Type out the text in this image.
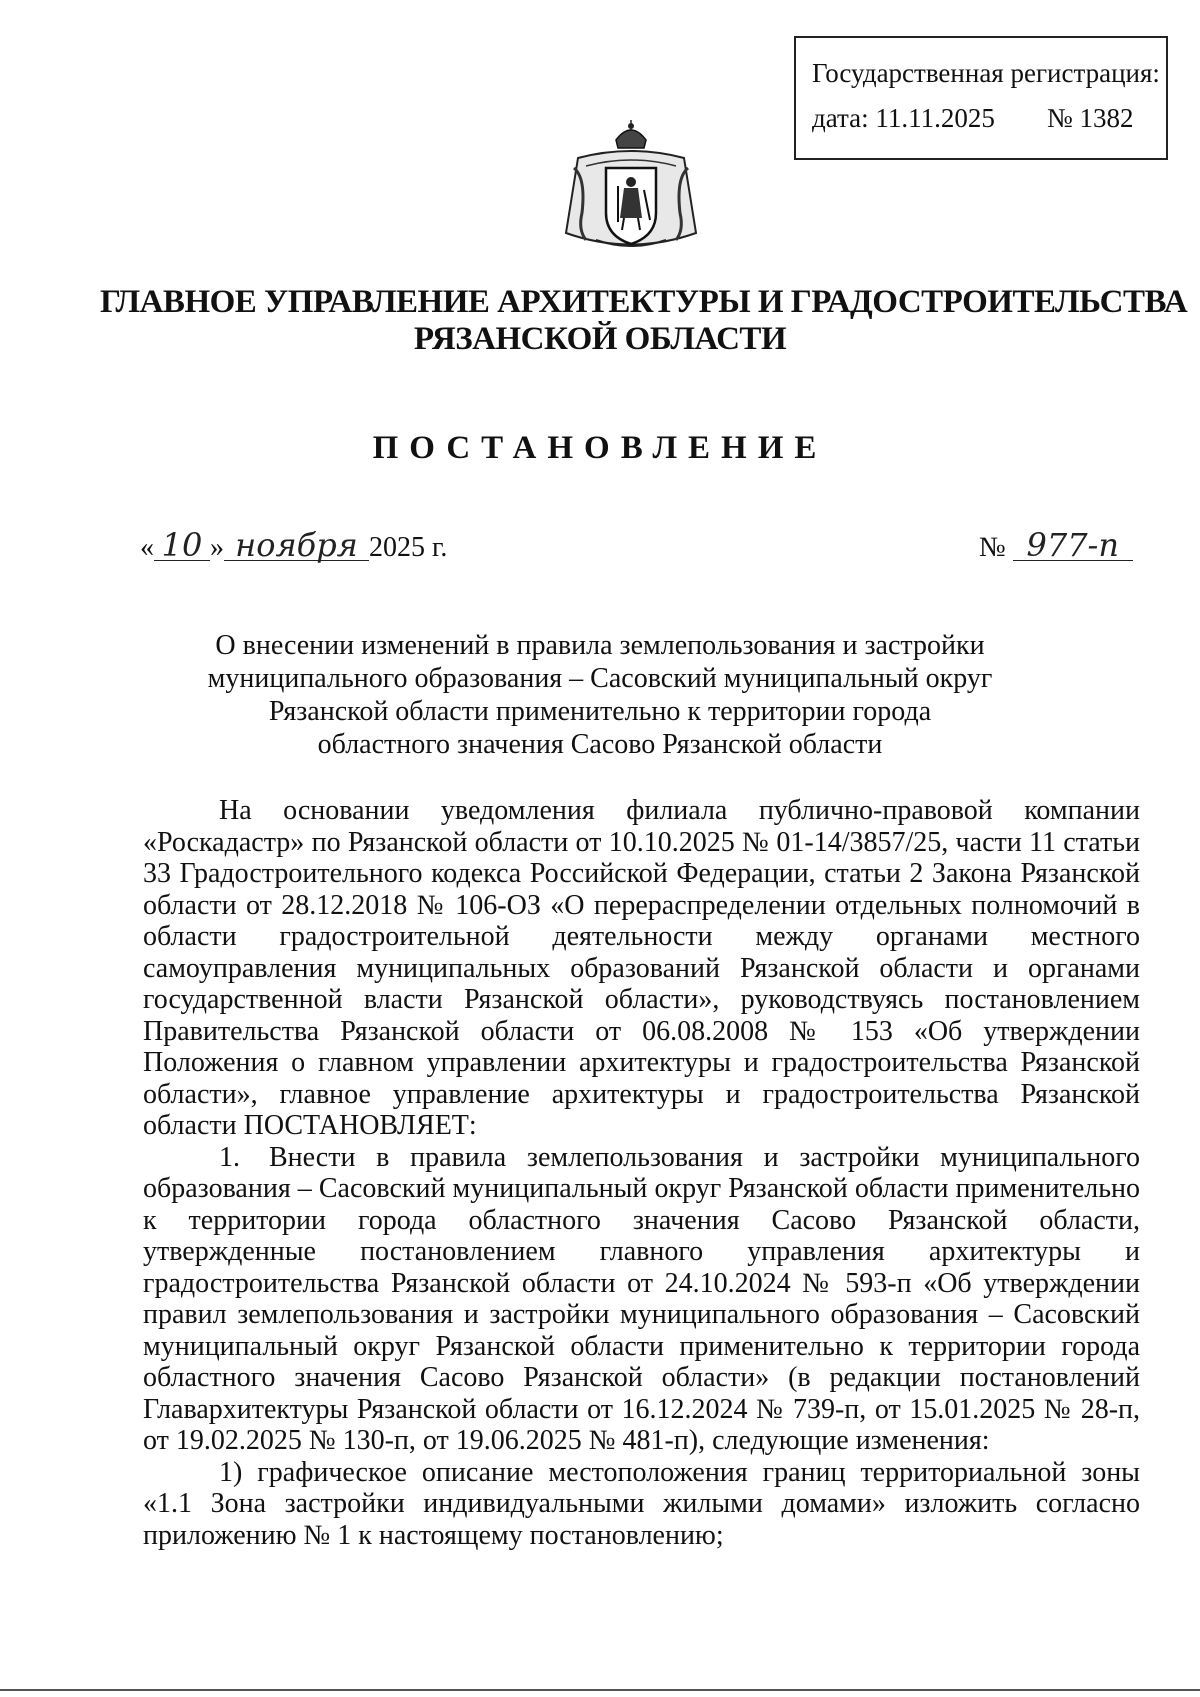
Государственная регистрация:
дата: 11.11.2025 № 1382
ГЛАВНОЕ УПРАВЛЕНИЕ АРХИТЕКТУРЫ И ГРАДОСТРОИТЕЛЬСТВА
РЯЗАНСКОЙ ОБЛАСТИ
ПОСТАНОВЛЕНИЕ
« 10 » ноября 2025 г.	№ 977-п
О внесении изменений в правила землепользования и застройки
муниципального образования – Сасовский муниципальный округ
Рязанской области применительно к территории города
областного значения Сасово Рязанской области

На основании уведомления филиала публично-правовой компании «Роскадастр» по Рязанской области от 10.10.2025 № 01-14/3857/25, части 11 статьи 33 Градостроительного кодекса Российской Федерации, статьи 2 Закона Рязанской области от 28.12.2018 № 106-ОЗ «О перераспределении отдельных полномочий в области градостроительной деятельности между органами местного самоуправления муниципальных образований Рязанской области и органами государственной власти Рязанской области», руководствуясь постановлением Правительства Рязанской области от 06.08.2008 № 153 «Об утверждении Положения о главном управлении архитектуры и градостроительства Рязанской области», главное управление архитектуры и градостроительства Рязанской области ПОСТАНОВЛЯЕТ:

1. Внести в правила землепользования и застройки муниципального образования – Сасовский муниципальный округ Рязанской области применительно к территории города областного значения Сасово Рязанской области, утвержденные постановлением главного управления архитектуры и градостроительства Рязанской области от 24.10.2024 № 593-п «Об утверждении правил землепользования и застройки муниципального образования – Сасовский муниципальный округ Рязанской области применительно к территории города областного значения Сасово Рязанской области» (в редакции постановлений Главархитектуры Рязанской области от 16.12.2024 № 739-п, от 15.01.2025 № 28-п, от 19.02.2025 № 130-п, от 19.06.2025 № 481-п), следующие изменения:

1) графическое описание местоположения границ территориальной зоны «1.1 Зона застройки индивидуальными жилыми домами» изложить согласно приложению № 1 к настоящему постановлению;
